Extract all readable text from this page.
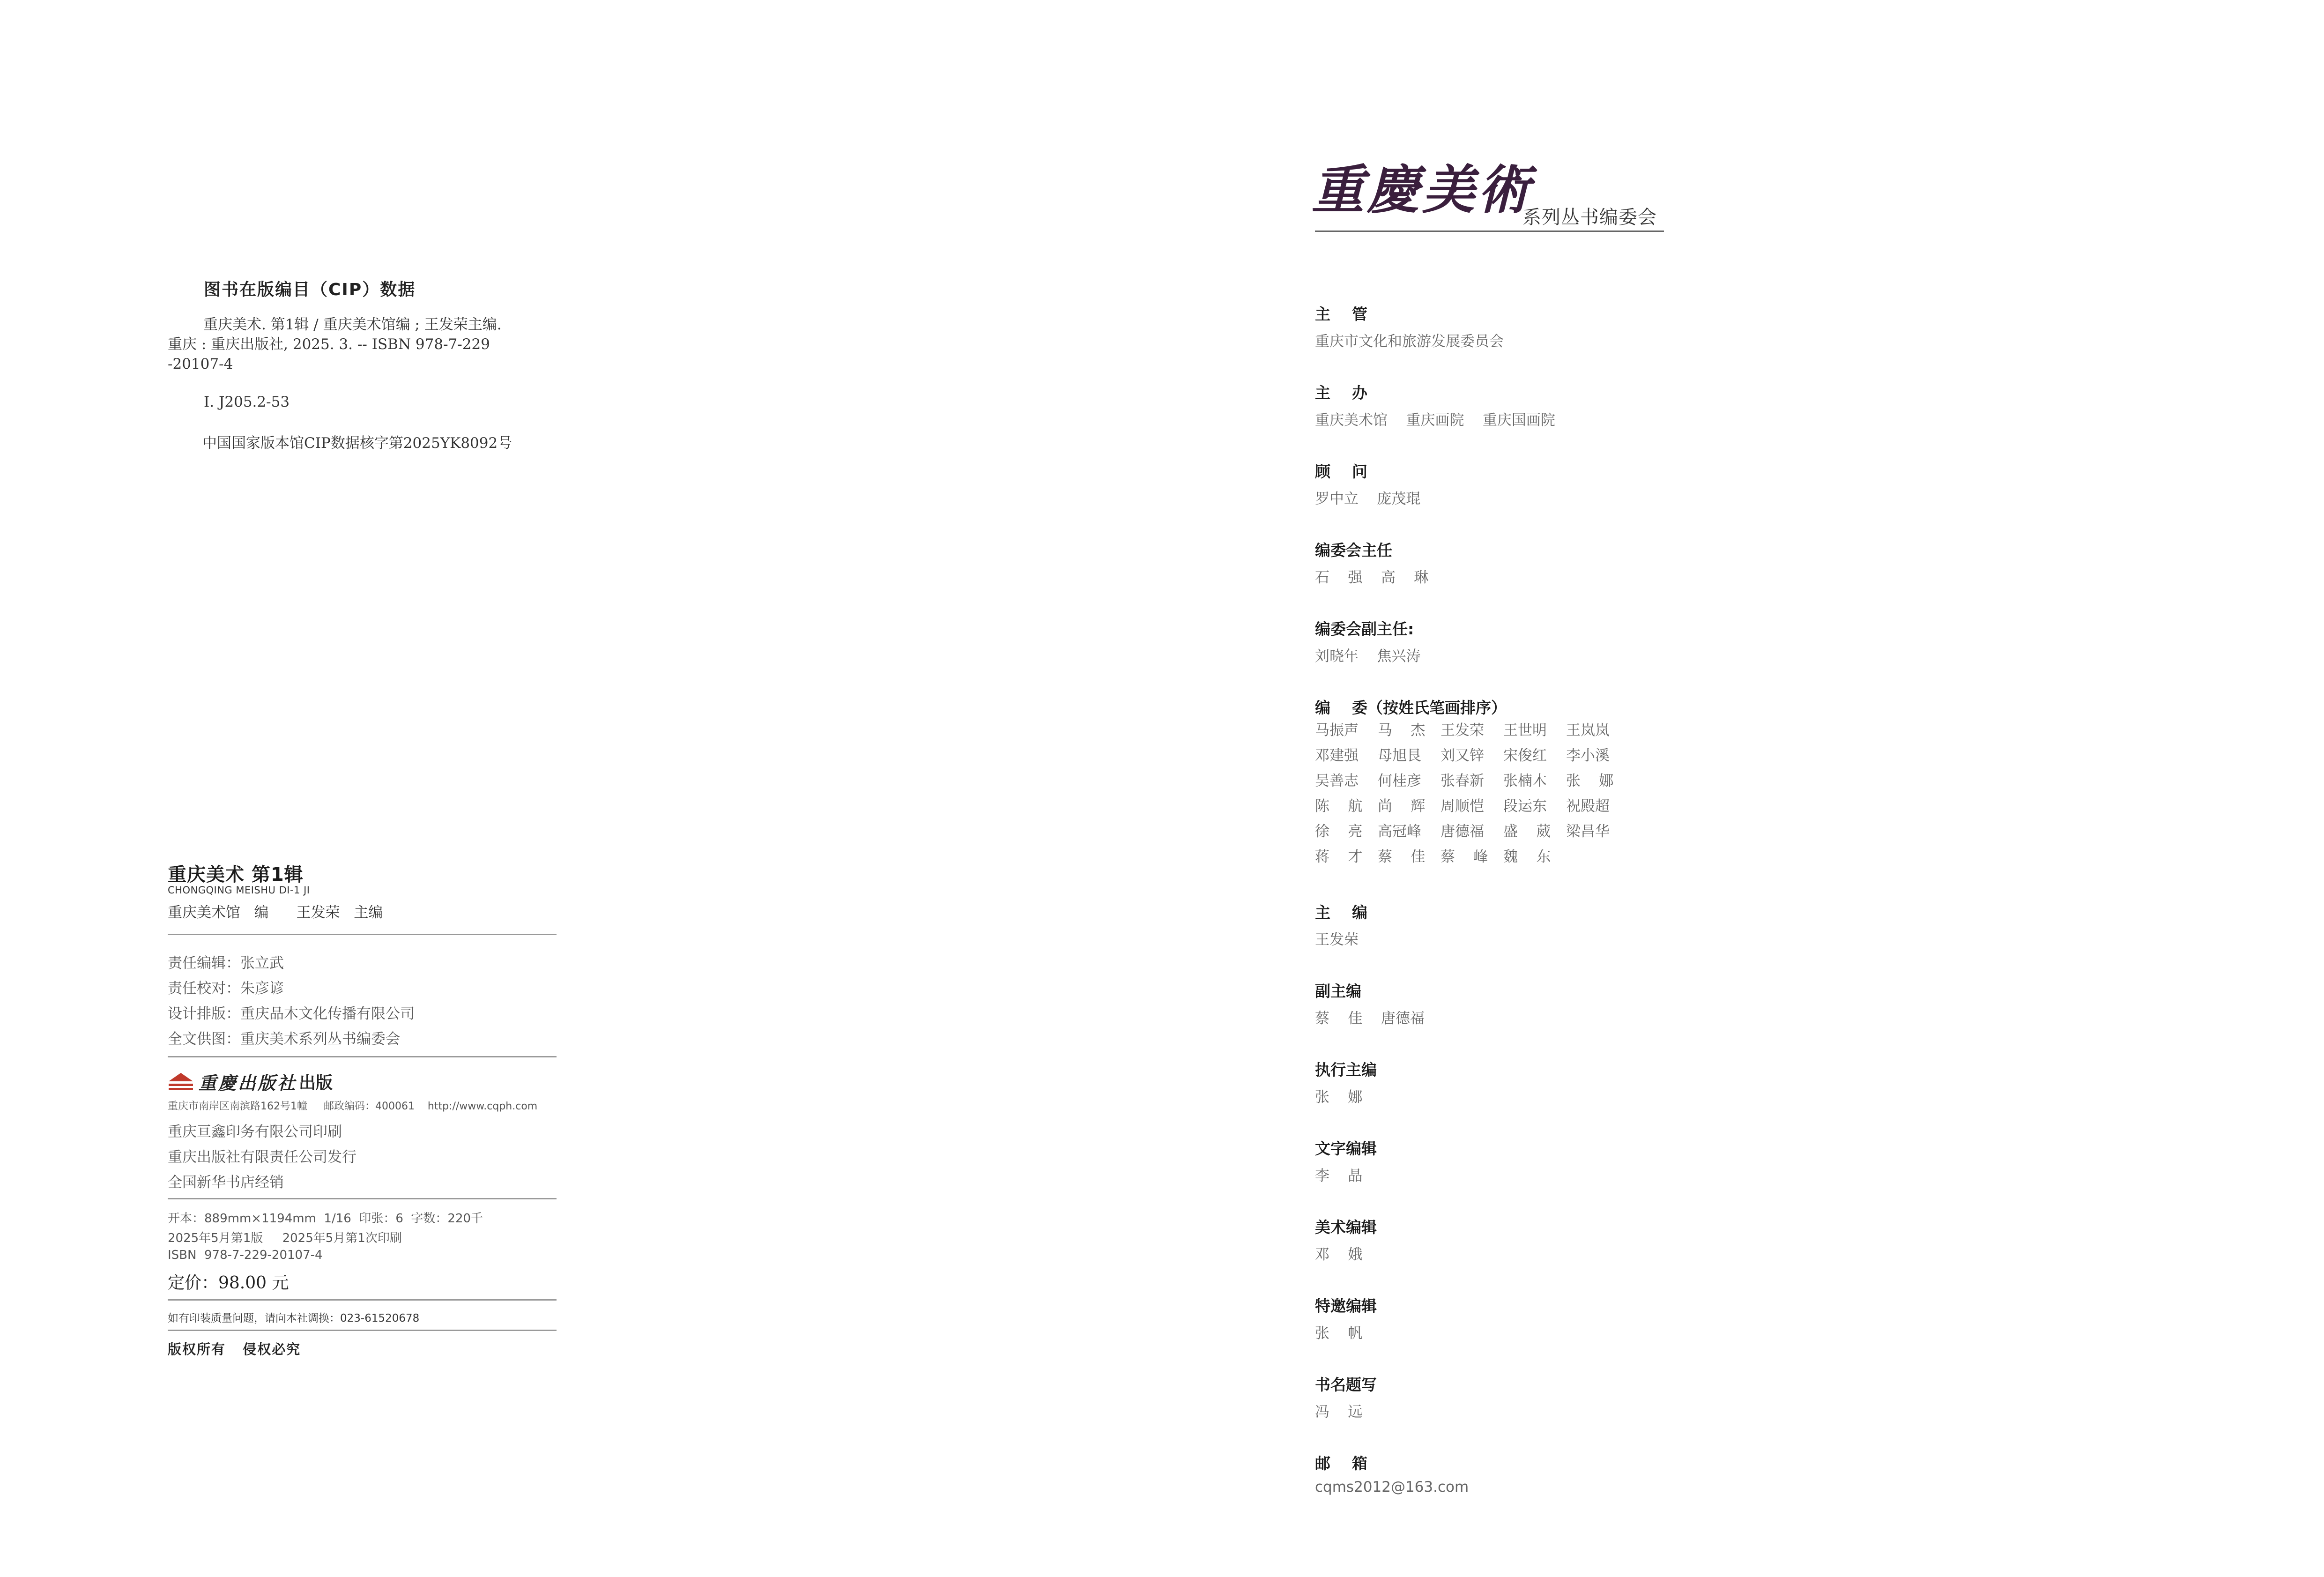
图书在版编目（CIP）数据
重庆美术. 第1辑 / 重庆美术馆编 ; 王发荣主编.
重庆 : 重庆出版社, 2025. 3. -- ISBN 978-7-229
-20107-4
Ⅰ. J205.2-53
中国国家版本馆CIP数据核字第2025YK8092号
重庆美术 第1辑
CHONGQING MEISHU DI-1 JI
重庆美术馆   编      王发荣   主编
责任编辑：张立武
责任校对：朱彦谚
设计排版：重庆品木文化传播有限公司
全文供图：重庆美术系列丛书编委会
重慶出版社 出版
重庆市南岸区南滨路162号1幢     邮政编码：400061    http://www.cqph.com
重庆亘鑫印务有限公司印刷
重庆出版社有限责任公司发行
全国新华书店经销
开本：889mm×1194mm  1/16  印张：6  字数：220千
2025年5月第1版     2025年5月第1次印刷
ISBN  978-7-229-20107-4
定价：98.00 元
如有印装质量问题，请向本社调换：023-61520678
版权所有   侵权必究
重慶美術
系列丛书编委会
主    管
重庆市文化和旅游发展委员会
主    办
重庆美术馆    重庆画院    重庆国画院
顾    问
罗中立    庞茂琨
编委会主任
石    强    高    琳
编委会副主任:
刘晓年    焦兴涛
编    委（按姓氏笔画排序）
马振声	马    杰	王发荣	王世明	王岚岚
邓建强	母旭艮	刘又锌	宋俊红	李小溪
吴善志	何桂彦	张春新	张楠木	张    娜
陈    航	尚    辉	周顺恺	段运东	祝殿超
徐    亮	高冠峰	唐德福	盛    葳	梁昌华
蒋    才	蔡    佳	蔡    峰	魏    东
主    编
王发荣
副主编
蔡    佳    唐德福
执行主编
张    娜
文字编辑
李    晶
美术编辑
邓    娥
特邀编辑
张    帆
书名题写
冯    远
邮    箱
cqms2012@163.com
